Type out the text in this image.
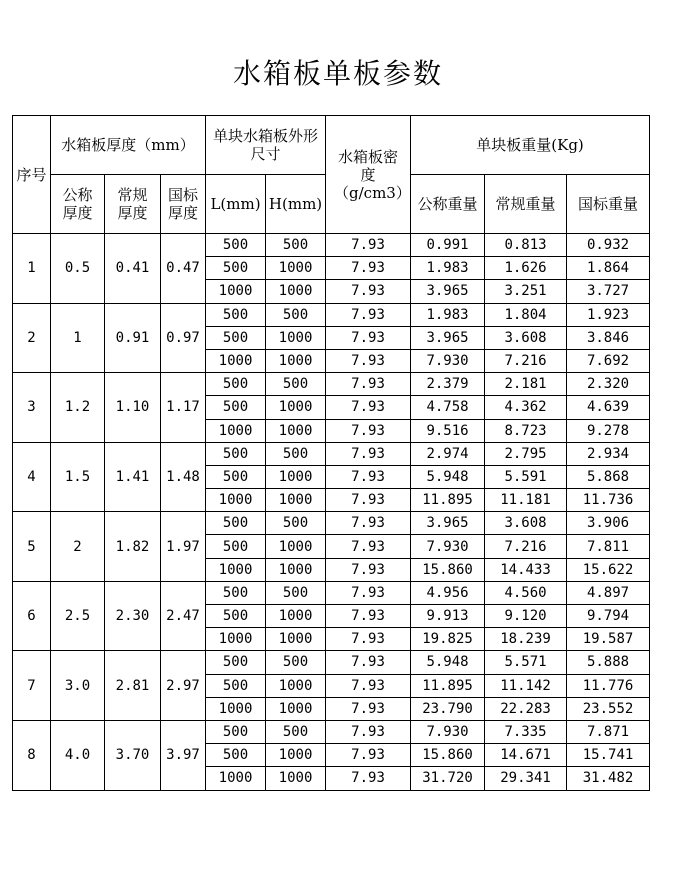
水箱板单板参数
序号	水箱板厚度（mm）			单块水箱板外形尺寸		水箱板密度（g/cm3）	单块板重量(Kg)		
	公称厚度	常规厚度	国标厚度	L(mm)	H(mm)		公称重量	常规重量	国标重量
1	0.5	0.41	0.47	500	500	7.93	0.991	0.813	0.932
				500	1000	7.93	1.983	1.626	1.864
				1000	1000	7.93	3.965	3.251	3.727
2	1	0.91	0.97	500	500	7.93	1.983	1.804	1.923
				500	1000	7.93	3.965	3.608	3.846
				1000	1000	7.93	7.930	7.216	7.692
3	1.2	1.10	1.17	500	500	7.93	2.379	2.181	2.320
				500	1000	7.93	4.758	4.362	4.639
				1000	1000	7.93	9.516	8.723	9.278
4	1.5	1.41	1.48	500	500	7.93	2.974	2.795	2.934
				500	1000	7.93	5.948	5.591	5.868
				1000	1000	7.93	11.895	11.181	11.736
5	2	1.82	1.97	500	500	7.93	3.965	3.608	3.906
				500	1000	7.93	7.930	7.216	7.811
				1000	1000	7.93	15.860	14.433	15.622
6	2.5	2.30	2.47	500	500	7.93	4.956	4.560	4.897
				500	1000	7.93	9.913	9.120	9.794
				1000	1000	7.93	19.825	18.239	19.587
7	3.0	2.81	2.97	500	500	7.93	5.948	5.571	5.888
				500	1000	7.93	11.895	11.142	11.776
				1000	1000	7.93	23.790	22.283	23.552
8	4.0	3.70	3.97	500	500	7.93	7.930	7.335	7.871
				500	1000	7.93	15.860	14.671	15.741
				1000	1000	7.93	31.720	29.341	31.482
